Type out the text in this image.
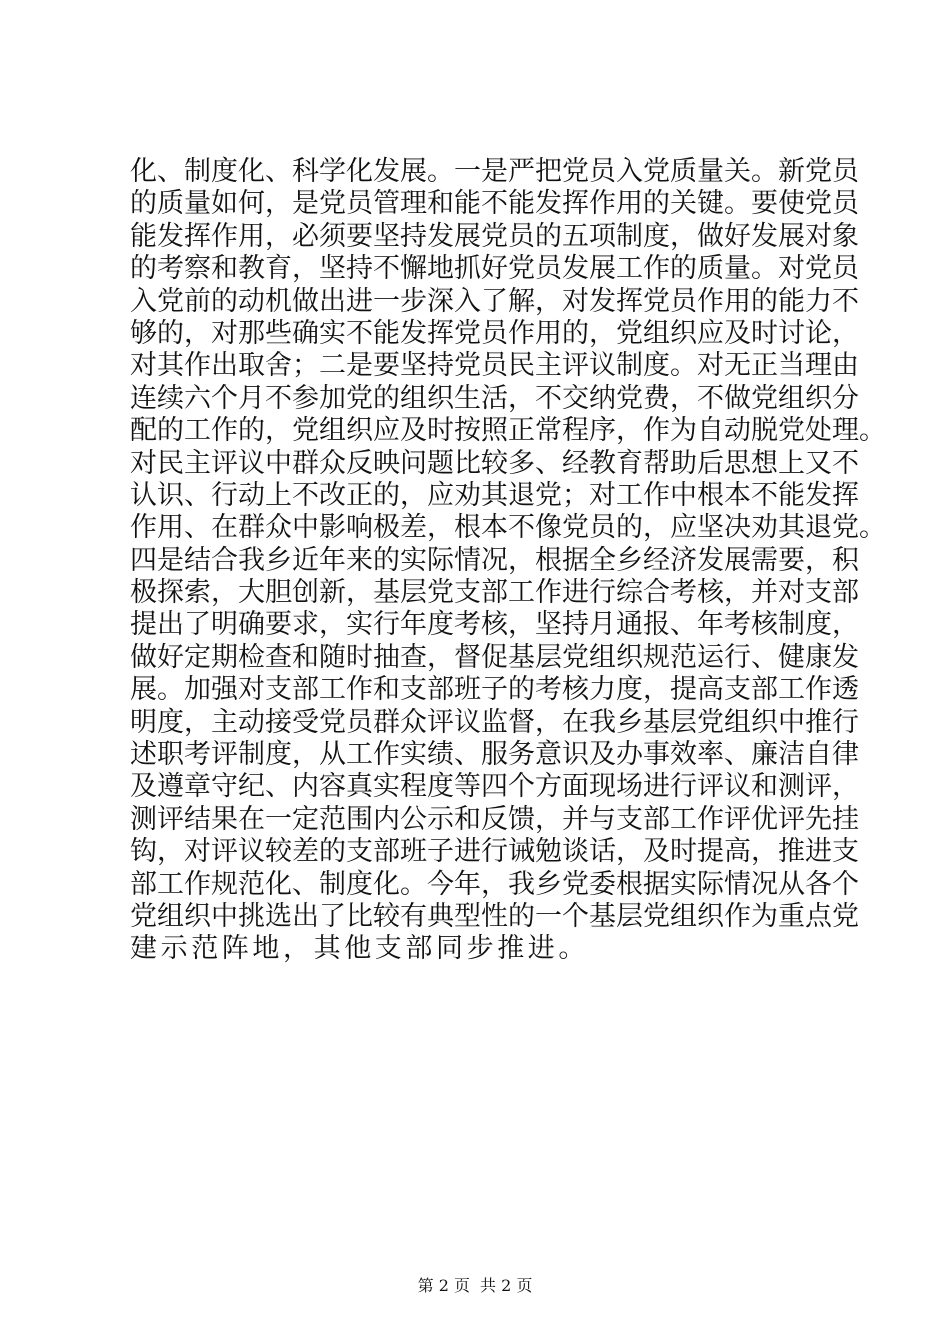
化、制度化、科学化发展。一是严把党员入党质量关。新党员
的质量如何，是党员管理和能不能发挥作用的关键。要使党员
能发挥作用，必须要坚持发展党员的五项制度，做好发展对象
的考察和教育，坚持不懈地抓好党员发展工作的质量。对党员
入党前的动机做出进一步深入了解，对发挥党员作用的能力不
够的，对那些确实不能发挥党员作用的，党组织应及时讨论，
对其作出取舍；二是要坚持党员民主评议制度。对无正当理由
连续六个月不参加党的组织生活，不交纳党费，不做党组织分
配的工作的，党组织应及时按照正常程序，作为自动脱党处理。
对民主评议中群众反映问题比较多、经教育帮助后思想上又不
认识、行动上不改正的，应劝其退党；对工作中根本不能发挥
作用、在群众中影响极差，根本不像党员的，应坚决劝其退党。
四是结合我乡近年来的实际情况，根据全乡经济发展需要，积
极探索，大胆创新，基层党支部工作进行综合考核，并对支部
提出了明确要求，实行年度考核，坚持月通报、年考核制度，
做好定期检查和随时抽查，督促基层党组织规范运行、健康发
展。加强对支部工作和支部班子的考核力度，提高支部工作透
明度，主动接受党员群众评议监督，在我乡基层党组织中推行
述职考评制度，从工作实绩、服务意识及办事效率、廉洁自律
及遵章守纪、内容真实程度等四个方面现场进行评议和测评，
测评结果在一定范围内公示和反馈，并与支部工作评优评先挂
钩，对评议较差的支部班子进行诫勉谈话，及时提高，推进支
部工作规范化、制度化。今年，我乡党委根据实际情况从各个
党组织中挑选出了比较有典型性的一个基层党组织作为重点党
建示范阵地，其他支部同步推进。
第 2 页 共 2 页
